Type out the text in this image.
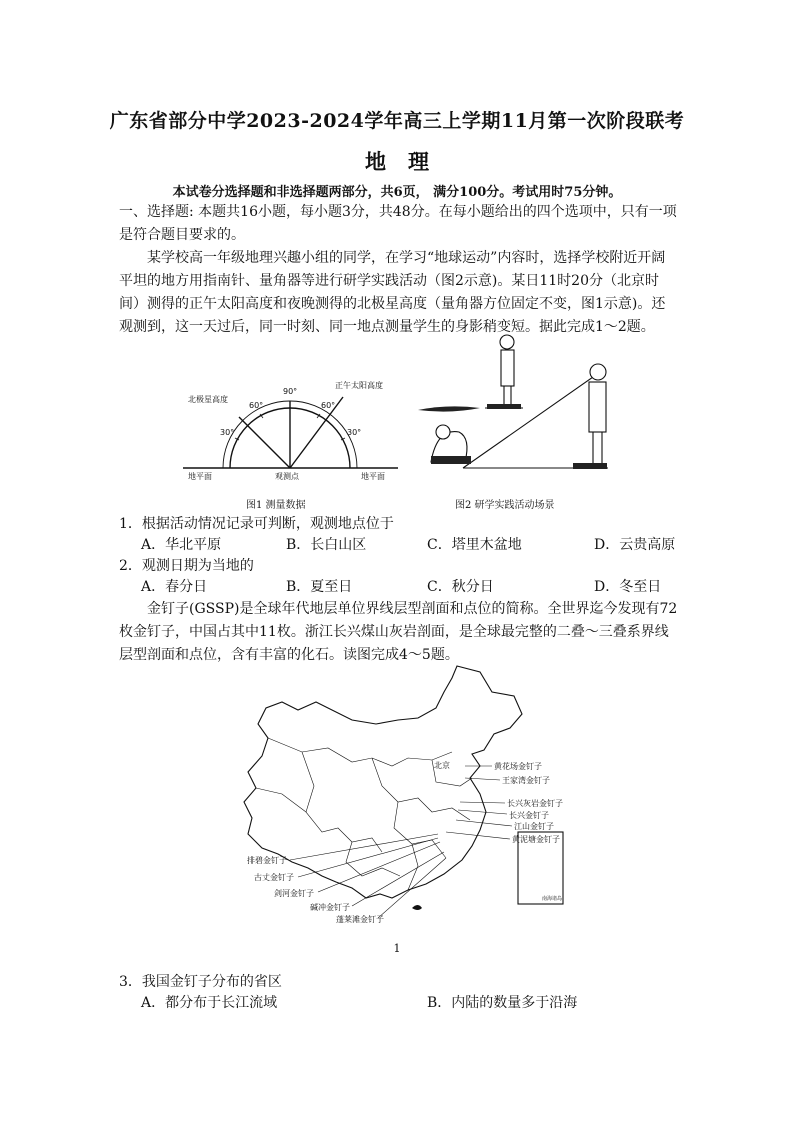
广东省部分中学2023-2024学年高三上学期11月第一次阶段联考
地理
本试卷分选择题和非选择题两部分，共6页， 满分100分。考试用时75分钟。

一、选择题: 本题共16小题，每小题3分，共48分。在每小题给出的四个选项中，只有一项是符合题目要求的。

某学校高一年级地理兴趣小组的同学，在学习“地球运动”内容时，选择学校附近开阔平坦的地方用指南针、量角器等进行研学实践活动（图2示意)。某日11时20分（北京时间）测得的正午太阳高度和夜晚测得的北极星高度（量角器方位固定不变，图1示意)。还观测到，这一天过后，同一时刻、同一地点测量学生的身影稍变短。据此完成1～2题。

30°
60°
90°
60°
30°
北极星高度
正午太阳高度
地平面	地平面
观测点
图1 测量数据	图2 研学实践活动场景
1．根据活动情况记录可判断，观测地点位于
A．华北平原	B．长白山区	C．塔里木盆地	D．云贵高原
2．观测日期为当地的
A．春分日	B．夏至日	C．秋分日	D．冬至日

金钉子(GSSP)是全球年代地层单位界线层型剖面和点位的简称。全世界迄今发现有72枚金钉子，中国占其中11枚。浙江长兴煤山灰岩剖面，是全球最完整的二叠～三叠系界线层型剖面和点位，含有丰富的化石。读图完成4～5题。

北京
南海诸岛
黄花场金钉子
王家湾金钉子
长兴灰岩金钉子
长兴金钉子
江山金钉子
黄泥塘金钉子
排碧金钉子
古丈金钉子
剑河金钉子
碱冲金钉子
蓬莱滩金钉子
1
3．我国金钉子分布的省区
A．都分布于长江流域	B．内陆的数量多于沿海
